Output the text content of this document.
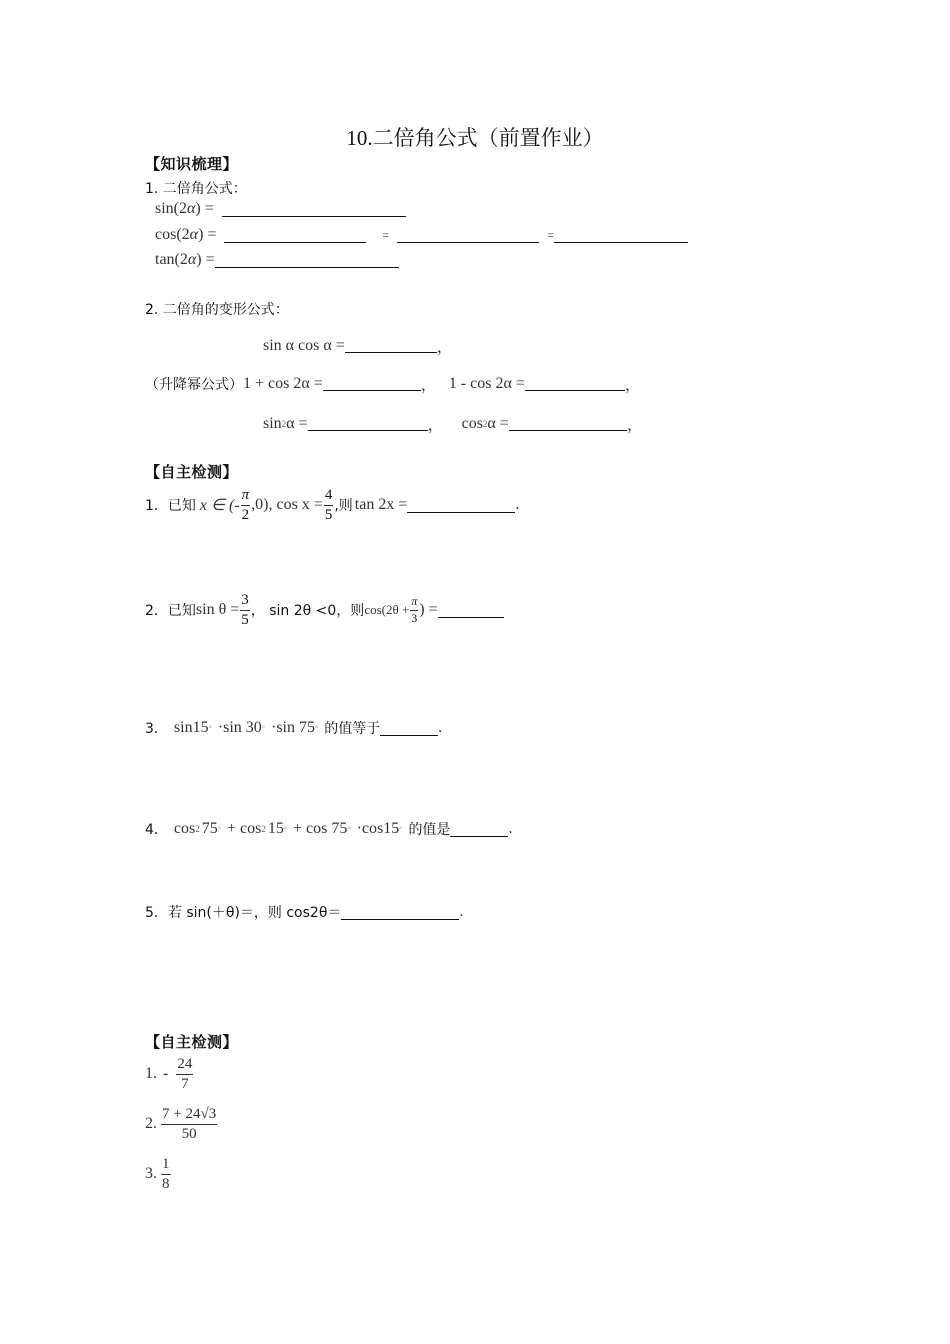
10.二倍角公式（前置作业）
【知识梳理】
1. 二倍角公式：
sin(2 α ) =
cos(2 α ) =	=	=
tan(2 α ) =
2. 二倍角的变形公式：
sin α cos α =	，
（升降幂公式） 1 + cos 2α =	， 1 - cos 2α =	，
sin 2 α =	， cos 2 α =	，
【自主检测】
1．已知 x ∈ (- $\frac{\pi}{2} ,0$), $\cos x = \frac{4}{5}$ ,则 tan 2x =	.
2．已知 $\sin \theta = \frac{3}{5}$ ， sin 2θ <0，则 $\cos(2\theta + \frac{\pi}{3}$ ) =
3． sin15 ° ·sin 30 ° ·sin 75 ° 的值等于	.
4． cos 2 75 ° + cos 2 15 ° + cos 75 ° ·cos15 ° 的值是	.
5．若 sin(＋θ)＝，则 cos2θ＝	.
【自主检测】
1. - $\frac{24}{7}$
2. $\frac{7 + 24√3}{50}$
3. $\frac{1}{8}$
